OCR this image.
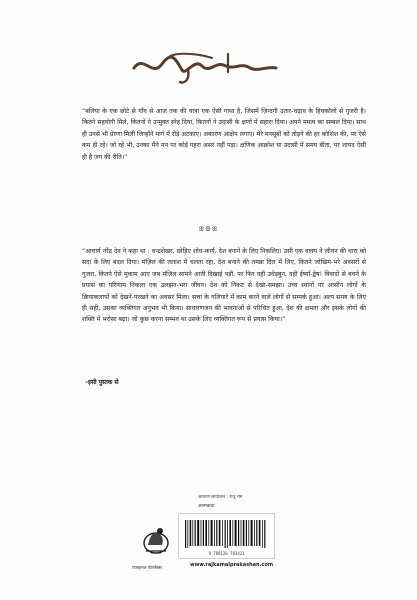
“बलिया के एक छोटे से गाँव से आज तक की यात्रा एक ऐसी गाथा है, जिसमें ज़िन्दगी उतार-चढ़ाव के हिचकोलों से गुजरी है। कितने सहयोगी मिले, कितनों ने उन्मुक्त स्नेह दिया, कितनों ने उदासी के क्षणों में सहारा दिया। अपने ममत्व का सम्बल दिया। साथ ही उनसे भी प्रेरणा मिली जिन्होंने मार्ग में रोड़े अटकाए। अकारण आक्षेप लगाए। मेरे मनसूबों को तोड़ने की हर कोशिश की, पर ऐसे कम ही रहे। जो रहे भी, उनका मैंने मन पर कोई गहरा असर नहीं पड़ा। क्षणिक आक्रोश या उदासी में समय बीता, पर शायद ऐसी ही है जग की रीति।”

ꕥꕥꕥ

“आचार्य नरेंद्र देव ने कहा था : चन्द्रशेखर, छोड़िए शोध-कार्य, देश बनाने के लिए निकलिए। उसी एक वाक्य ने जीवन की धारा को सदा के लिए बदल दिया। मंज़िल की तलाश में चलता रहा, देश बनाने की तमन्ना दिल में लिए, कितने जोखिम-भरे अवसरों से गुजरा, कितने ऐसे मुकाम आए जब मंज़िल सामने आती दिखाई पड़ी, पर फिर वही उधेड़बुन, वही ईर्ष्या-द्वेष! विवादों से बचने के प्रयास का परिणाम निकला एक उलझन-भरा जीवन। देश को निकट से देखा-समझा। उच्च स्थानों पर आसीन लोगों के क्रियाकलापों को देखने-परखने का अवसर मिला। सत्ता के गलियारे में काम करने वाले लोगों से सम्पर्क हुआ। अल्प समय के लिए ही सही, उसका व्यक्तिगत अनुभव भी किया। साधारणजन की भावनाओं से परिचित हुआ, देश की क्षमता और इसके लोगों की शक्ति में भरोसा बढ़ा। जो कुछ करना सम्भव था उसके लिए व्यक्तिगत रूप से प्रयास किया।”

–इसी पुस्तक से
आवरण छायांकन : राजु राम
आत्मकथा
राजकमल पेपरबैक्स
9 788126 783421
www.rajkamalprakashan.com
